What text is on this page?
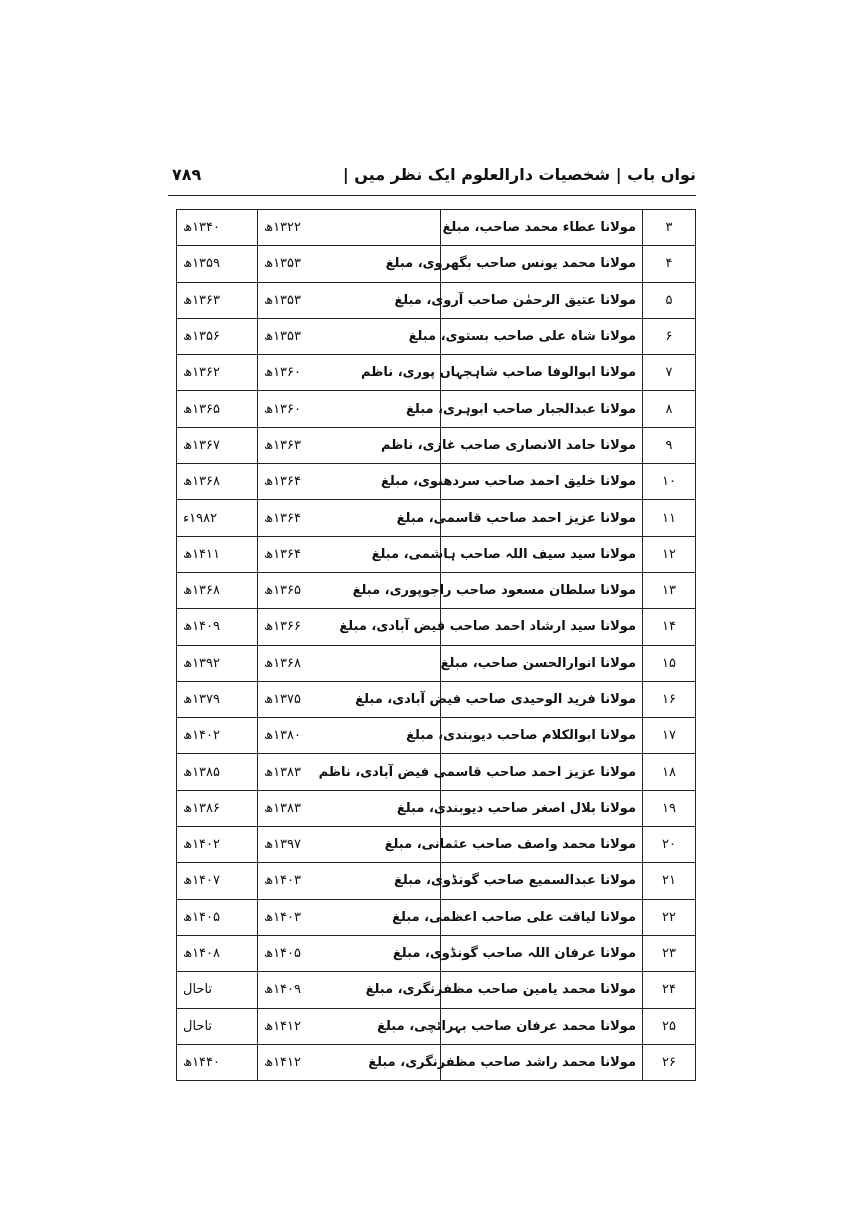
نواں باب | شخصیات دارالعلوم ایک نظر میں |
۷۸۹
۳	مولانا عطاء محمد صاحب، مبلغ	۱۳۲۲ھ	۱۳۴۰ھ
۴	مولانا محمد یونس صاحب بگھروی، مبلغ	۱۳۵۳ھ	۱۳۵۹ھ
۵	مولانا عتیق الرحمٰن صاحب آروی، مبلغ	۱۳۵۳ھ	۱۳۶۳ھ
۶	مولانا شاہ علی صاحب بستوی، مبلغ	۱۳۵۳ھ	۱۳۵۶ھ
۷	مولانا ابوالوفا صاحب شاہجہاں پوری، ناظم	۱۳۶۰ھ	۱۳۶۲ھ
۸	مولانا عبدالجبار صاحب ابوہری، مبلغ	۱۳۶۰ھ	۱۳۶۵ھ
۹	مولانا حامد الانصاری صاحب غازی، ناظم	۱۳۶۳ھ	۱۳۶۷ھ
۱۰	مولانا خلیق احمد صاحب سردھنوی، مبلغ	۱۳۶۴ھ	۱۳۶۸ھ
۱۱	مولانا عزیز احمد صاحب قاسمی، مبلغ	۱۳۶۴ھ	۱۹۸۲ء
۱۲	مولانا سید سیف اللہ صاحب ہاشمی، مبلغ	۱۳۶۴ھ	۱۴۱۱ھ
۱۳	مولانا سلطان مسعود صاحب راجوپوری، مبلغ	۱۳۶۵ھ	۱۳۶۸ھ
۱۴	مولانا سید ارشاد احمد صاحب فیض آبادی، مبلغ	۱۳۶۶ھ	۱۴۰۹ھ
۱۵	مولانا انوارالحسن صاحب، مبلغ	۱۳۶۸ھ	۱۳۹۲ھ
۱۶	مولانا فرید الوحیدی صاحب فیض آبادی، مبلغ	۱۳۷۵ھ	۱۳۷۹ھ
۱۷	مولانا ابوالکلام صاحب دیوبندی، مبلغ	۱۳۸۰ھ	۱۴۰۲ھ
۱۸	مولانا عزیز احمد صاحب قاسمی فیض آبادی، ناظم	۱۳۸۳ھ	۱۳۸۵ھ
۱۹	مولانا بلال اصغر صاحب دیوبندی، مبلغ	۱۳۸۳ھ	۱۳۸۶ھ
۲۰	مولانا محمد واصف صاحب عثمانی، مبلغ	۱۳۹۷ھ	۱۴۰۲ھ
۲۱	مولانا عبدالسمیع صاحب گونڈوی، مبلغ	۱۴۰۳ھ	۱۴۰۷ھ
۲۲	مولانا لیاقت علی صاحب اعظمی، مبلغ	۱۴۰۳ھ	۱۴۰۵ھ
۲۳	مولانا عرفان اللہ صاحب گونڈوی، مبلغ	۱۴۰۵ھ	۱۴۰۸ھ
۲۴	مولانا محمد یامین صاحب مظفرنگری، مبلغ	۱۴۰۹ھ	تاحال
۲۵	مولانا محمد عرفان صاحب بہرائچی، مبلغ	۱۴۱۲ھ	تاحال
۲۶	مولانا محمد راشد صاحب مظفرنگری، مبلغ	۱۴۱۲ھ	۱۴۴۰ھ
